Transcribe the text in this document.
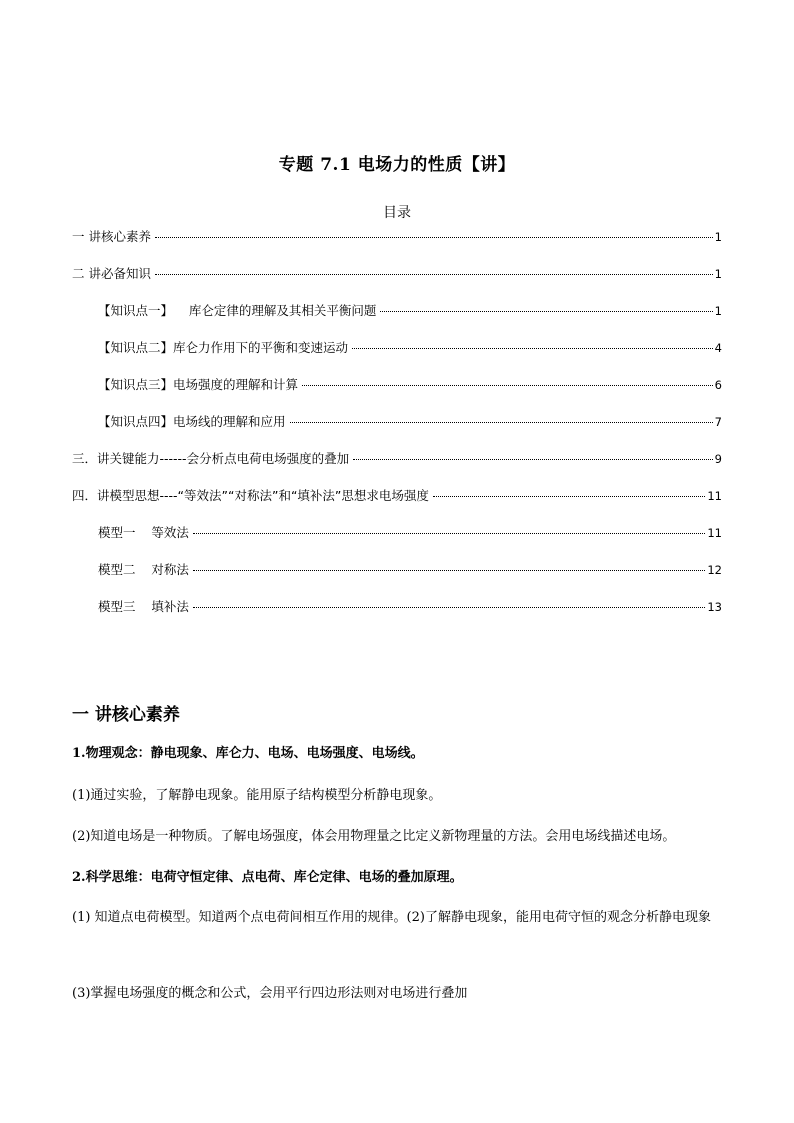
专题 7.1 电场力的性质【讲】
目录
一 讲核心素养	1
二 讲必备知识	1
【知识点一】    库仑定律的理解及其相关平衡问题	1
【知识点二】库仑力作用下的平衡和变速运动	4
【知识点三】电场强度的理解和计算	6
【知识点四】电场线的理解和应用	7
三．讲关键能力------会分析点电荷电场强度的叠加	9
四．讲模型思想----“等效法”“对称法”和“填补法”思想求电场强度	11
模型一    等效法	11
模型二    对称法	12
模型三    填补法	13
一 讲核心素养
1.物理观念：静电现象、库仑力、电场、电场强度、电场线。
(1)通过实验，了解静电现象。能用原子结构模型分析静电现象。
(2)知道电场是一种物质。了解电场强度，体会用物理量之比定义新物理量的方法。会用电场线描述电场。
2.科学思维：电荷守恒定律、点电荷、库仑定律、电场的叠加原理。
(1) 知道点电荷模型。知道两个点电荷间相互作用的规律。(2)了解静电现象，能用电荷守恒的观念分析静电现象
(3)掌握电场强度的概念和公式，会用平行四边形法则对电场进行叠加
